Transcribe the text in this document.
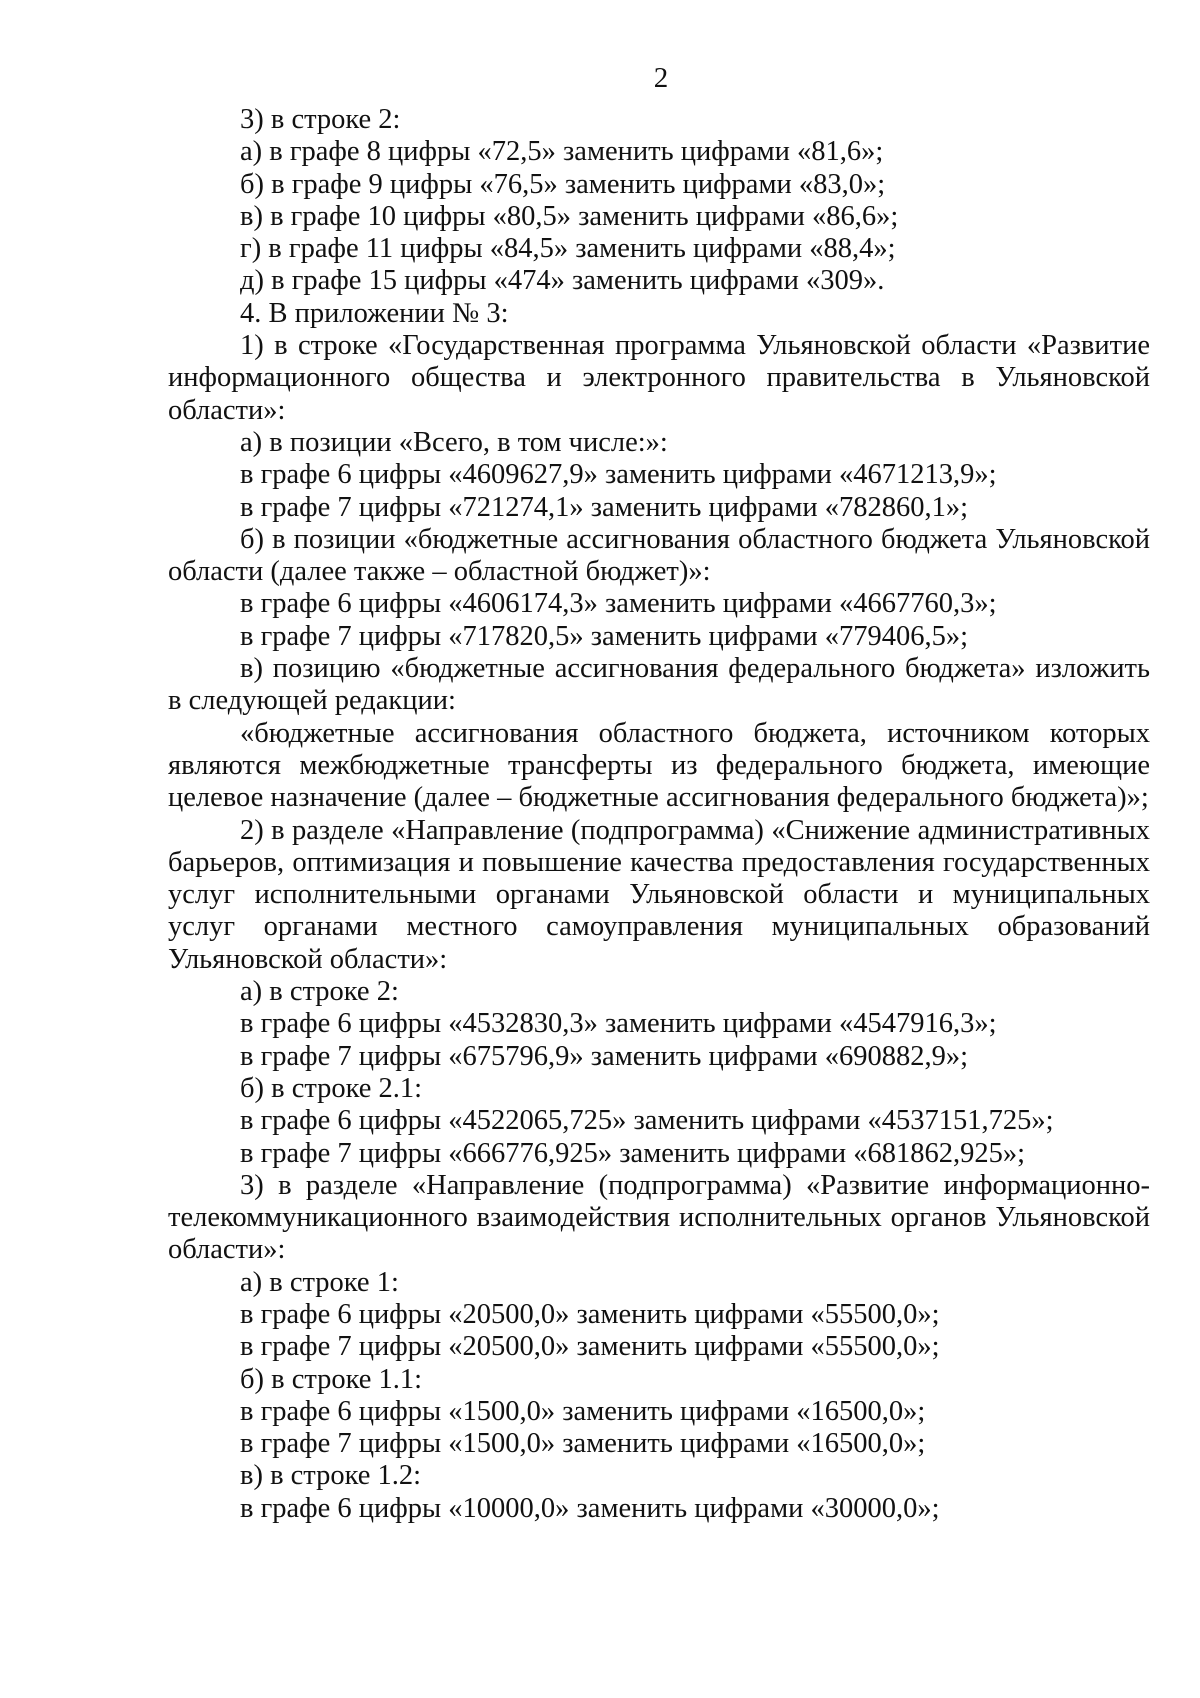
2

3) в строке 2:

а) в графе 8 цифры «72,5» заменить цифрами «81,6»;

б) в графе 9 цифры «76,5» заменить цифрами «83,0»;

в) в графе 10 цифры «80,5» заменить цифрами «86,6»;

г) в графе 11 цифры «84,5» заменить цифрами «88,4»;

д) в графе 15 цифры «474» заменить цифрами «309».

4. В приложении № 3:

1) в строке «Государственная программа Ульяновской области «Развитие информационного общества и электронного правительства в Ульяновской области»:

а) в позиции «Всего, в том числе:»:

в графе 6 цифры «4609627,9» заменить цифрами «4671213,9»;

в графе 7 цифры «721274,1» заменить цифрами «782860,1»;

б) в позиции «бюджетные ассигнования областного бюджета Ульяновской области (далее также – областной бюджет)»:

в графе 6 цифры «4606174,3» заменить цифрами «4667760,3»;

в графе 7 цифры «717820,5» заменить цифрами «779406,5»;

в) позицию «бюджетные ассигнования федерального бюджета» изложить в следующей редакции:

«бюджетные ассигнования областного бюджета, источником которых являются межбюджетные трансферты из федерального бюджета, имеющие целевое назначение (далее – бюджетные ассигнования федерального бюджета)»;

2) в разделе «Направление (подпрограмма) «Снижение административных барьеров, оптимизация и повышение качества предоставления государственных услуг исполнительными органами Ульяновской области и муниципальных услуг органами местного самоуправления муниципальных образований Ульяновской области»:

а) в строке 2:

в графе 6 цифры «4532830,3» заменить цифрами «4547916,3»;

в графе 7 цифры «675796,9» заменить цифрами «690882,9»;

б) в строке 2.1:

в графе 6 цифры «4522065,725» заменить цифрами «4537151,725»;

в графе 7 цифры «666776,925» заменить цифрами «681862,925»;

3) в разделе «Направление (подпрограмма) «Развитие информационно-телекоммуникационного взаимодействия исполнительных органов Ульяновской области»:

а) в строке 1:

в графе 6 цифры «20500,0» заменить цифрами «55500,0»;

в графе 7 цифры «20500,0» заменить цифрами «55500,0»;

б) в строке 1.1:

в графе 6 цифры «1500,0» заменить цифрами «16500,0»;

в графе 7 цифры «1500,0» заменить цифрами «16500,0»;

в) в строке 1.2:

в графе 6 цифры «10000,0» заменить цифрами «30000,0»;
